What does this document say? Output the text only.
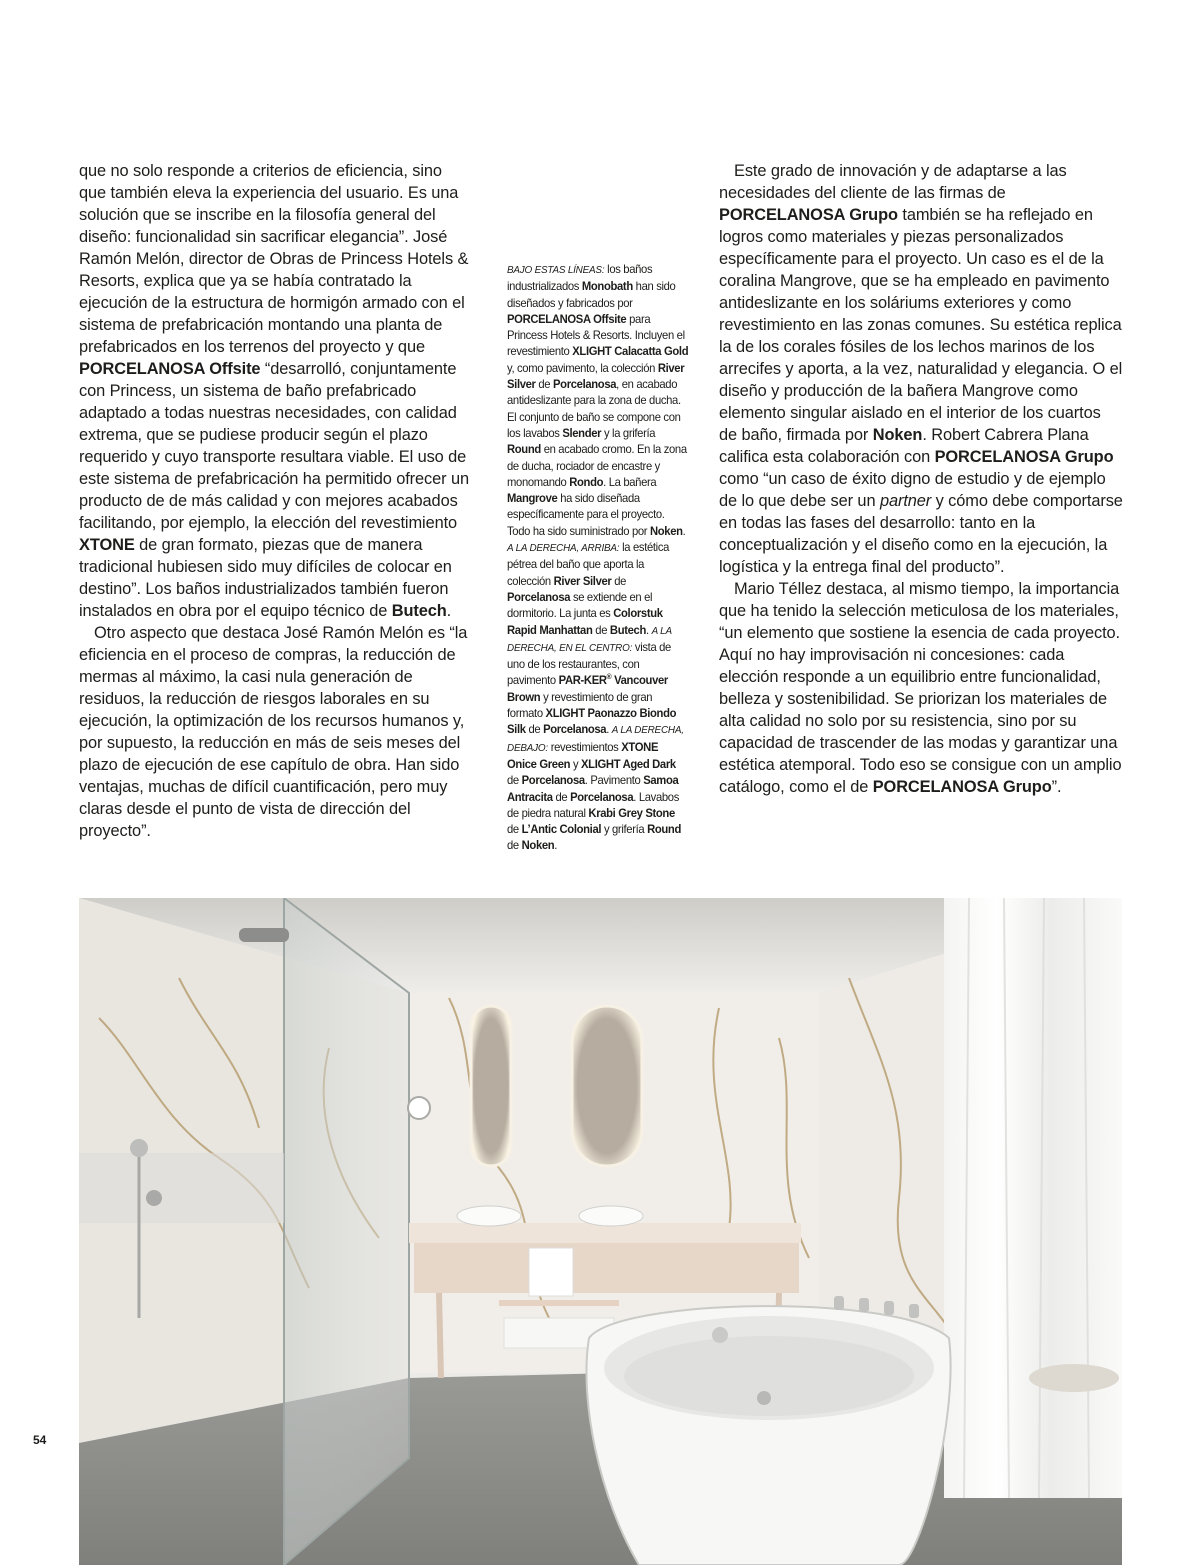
que no solo responde a criterios de eficiencia, sino que también eleva la experiencia del usuario. Es una solución que se inscribe en la filosofía general del diseño: funcionalidad sin sacrificar elegancia”. José Ramón Melón, director de Obras de Princess Hotels & Resorts, explica que ya se había contratado la ejecución de la estructura de hormigón armado con el sistema de prefabricación montando una planta de prefabricados en los terrenos del proyecto y que PORCELANOSA Offsite “desarrolló, conjuntamente con Princess, un sistema de baño prefabricado adaptado a todas nuestras necesidades, con calidad extrema, que se pudiese producir según el plazo requerido y cuyo transporte resultara viable. El uso de este sistema de prefabricación ha permitido ofrecer un producto de de más calidad y con mejores acabados facilitando, por ejemplo, la elección del revestimiento XTONE de gran formato, piezas que de manera tradicional hubiesen sido muy difíciles de colocar en destino”. Los baños industrializados también fueron instalados en obra por el equipo técnico de Butech.

Otro aspecto que destaca José Ramón Melón es “la eficiencia en el proceso de compras, la reducción de mermas al máximo, la casi nula generación de residuos, la reducción de riesgos laborales en su ejecución, la optimización de los recursos humanos y, por supuesto, la reducción en más de seis meses del plazo de ejecución de ese capítulo de obra. Han sido ventajas, muchas de difícil cuantificación, pero muy claras desde el punto de vista de dirección del proyecto”.

BAJO ESTAS LÍNEAS: los baños industrializados Monobath han sido diseñados y fabricados por PORCELANOSA Offsite para Princess Hotels & Resorts. Incluyen el revestimiento XLIGHT Calacatta Gold y, como pavimento, la colección River Silver de Porcelanosa, en acabado antideslizante para la zona de ducha. El conjunto de baño se compone con los lavabos Slender y la grifería Round en acabado cromo. En la zona de ducha, rociador de encastre y monomando Rondo. La bañera Mangrove ha sido diseñada específicamente para el proyecto. Todo ha sido suministrado por Noken. A LA DERECHA, ARRIBA: la estética pétrea del baño que aporta la colección River Silver de Porcelanosa se extiende en el dormitorio. La junta es Colorstuk Rapid Manhattan de Butech. A LA DERECHA, EN EL CENTRO: vista de uno de los restaurantes, con pavimento PAR-KER® Vancouver Brown y revestimiento de gran formato XLIGHT Paonazzo Biondo Silk de Porcelanosa. A LA DERECHA, DEBAJO: revestimientos XTONE Onice Green y XLIGHT Aged Dark de Porcelanosa. Pavimento Samoa Antracita de Porcelanosa. Lavabos de piedra natural Krabi Grey Stone de L’Antic Colonial y grifería Round de Noken.

Este grado de innovación y de adaptarse a las necesidades del cliente de las firmas de PORCELANOSA Grupo también se ha reflejado en logros como materiales y piezas personalizados específicamente para el proyecto. Un caso es el de la coralina Mangrove, que se ha empleado en pavimento antideslizante en los soláriums exteriores y como revestimiento en las zonas comunes. Su estética replica la de los corales fósiles de los lechos marinos de los arrecifes y aporta, a la vez, naturalidad y elegancia. O el diseño y producción de la bañera Mangrove como elemento singular aislado en el interior de los cuartos de baño, firmada por Noken. Robert Cabrera Plana califica esta colaboración con PORCELANOSA Grupo como “un caso de éxito digno de estudio y de ejemplo de lo que debe ser un partner y cómo debe comportarse en todas las fases del desarrollo: tanto en la conceptualización y el diseño como en la ejecución, la logística y la entrega final del producto”.

Mario Téllez destaca, al mismo tiempo, la importancia que ha tenido la selección meticulosa de los materiales, “un elemento que sostiene la esencia de cada proyecto. Aquí no hay improvisación ni concesiones: cada elección responde a un equilibrio entre funcionalidad, belleza y sostenibilidad. Se priorizan los materiales de alta calidad no solo por su resistencia, sino por su capacidad de trascender de las modas y garantizar una estética atemporal. Todo eso se consigue con un amplio catálogo, como el de PORCELANOSA Grupo”.

54
